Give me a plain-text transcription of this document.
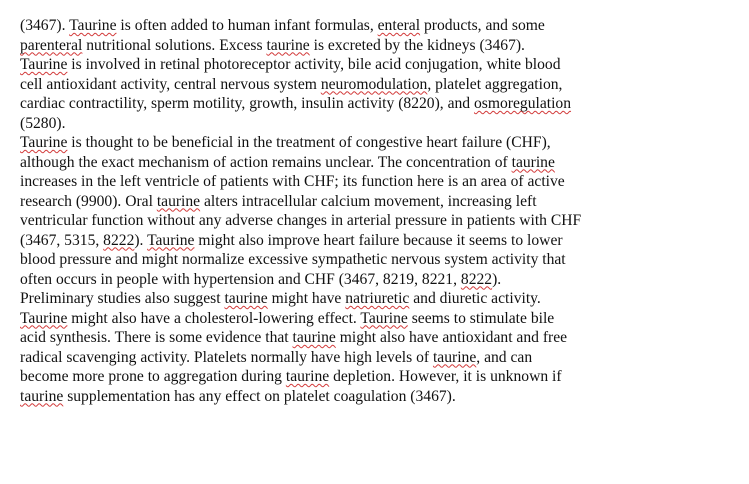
(3467). Taurine is often added to human infant formulas, enteral products, and some
parenteral nutritional solutions. Excess taurine is excreted by the kidneys (3467).
Taurine is involved in retinal photoreceptor activity, bile acid conjugation, white blood
cell antioxidant activity, central nervous system neuromodulation, platelet aggregation,
cardiac contractility, sperm motility, growth, insulin activity (8220), and osmoregulation
(5280).
Taurine is thought to be beneficial in the treatment of congestive heart failure (CHF),
although the exact mechanism of action remains unclear. The concentration of taurine
increases in the left ventricle of patients with CHF; its function here is an area of active
research (9900). Oral taurine alters intracellular calcium movement, increasing left
ventricular function without any adverse changes in arterial pressure in patients with CHF
(3467, 5315, 8222). Taurine might also improve heart failure because it seems to lower
blood pressure and might normalize excessive sympathetic nervous system activity that
often occurs in people with hypertension and CHF (3467, 8219, 8221, 8222).
Preliminary studies also suggest taurine might have natriuretic and diuretic activity.
Taurine might also have a cholesterol-lowering effect. Taurine seems to stimulate bile
acid synthesis. There is some evidence that taurine might also have antioxidant and free
radical scavenging activity. Platelets normally have high levels of taurine, and can
become more prone to aggregation during taurine depletion. However, it is unknown if
taurine supplementation has any effect on platelet coagulation (3467).
